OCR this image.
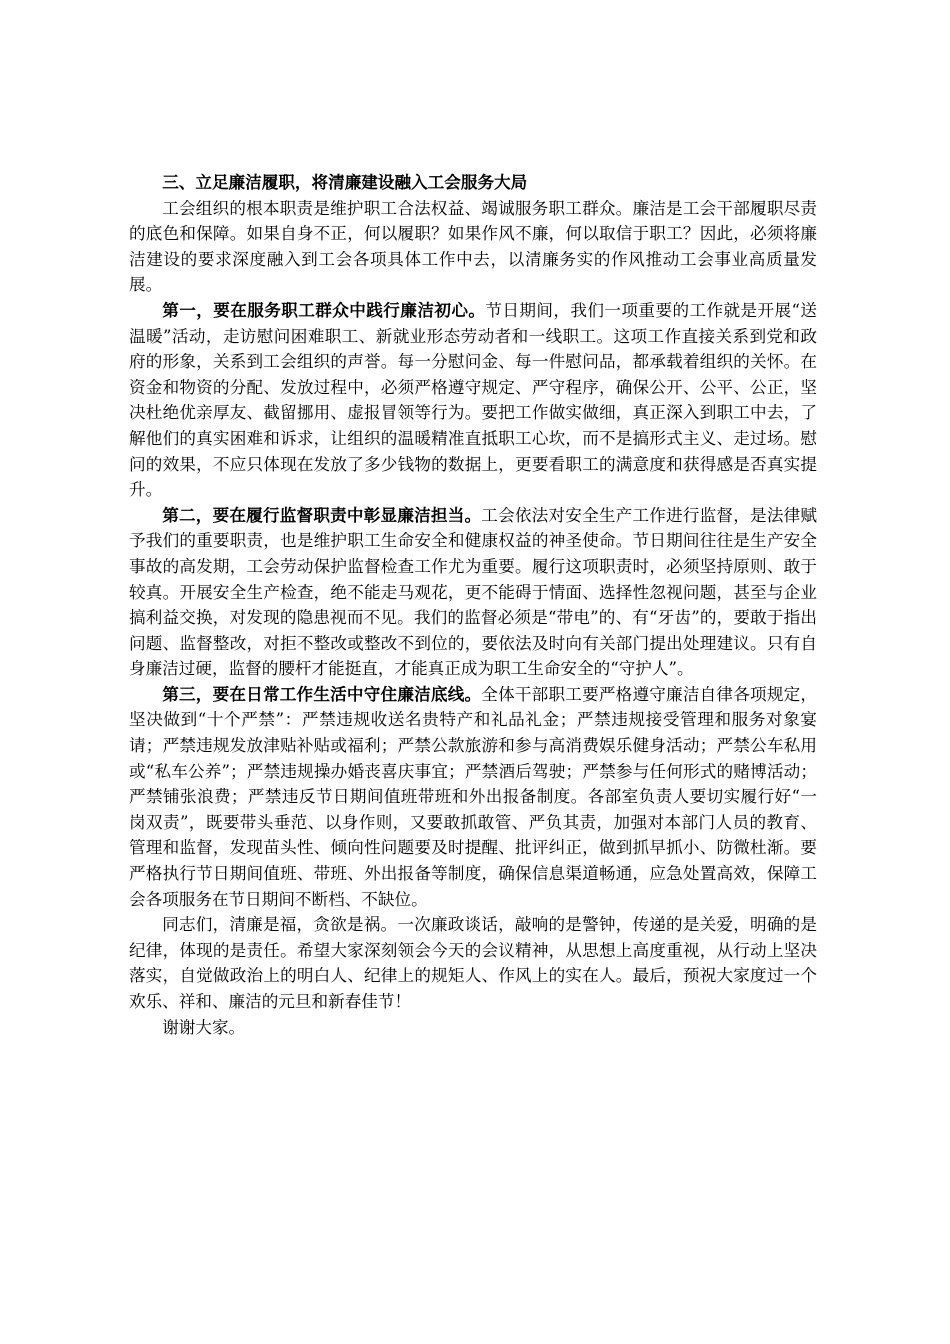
三、立足廉洁履职，将清廉建设融入工会服务大局

工会组织的根本职责是维护职工合法权益、竭诚服务职工群众。廉洁是工会干部履职尽责的底色和保障。如果自身不正，何以履职？如果作风不廉，何以取信于职工？因此，必须将廉洁建设的要求深度融入到工会各项具体工作中去，以清廉务实的作风推动工会事业高质量发展。

第一，要在服务职工群众中践行廉洁初心。节日期间，我们一项重要的工作就是开展“送温暖”活动，走访慰问困难职工、新就业形态劳动者和一线职工。这项工作直接关系到党和政府的形象，关系到工会组织的声誉。每一分慰问金、每一件慰问品，都承载着组织的关怀。在资金和物资的分配、发放过程中，必须严格遵守规定、严守程序，确保公开、公平、公正，坚决杜绝优亲厚友、截留挪用、虚报冒领等行为。要把工作做实做细，真正深入到职工中去，了解他们的真实困难和诉求，让组织的温暖精准直抵职工心坎，而不是搞形式主义、走过场。慰问的效果，不应只体现在发放了多少钱物的数据上，更要看职工的满意度和获得感是否真实提升。

第二，要在履行监督职责中彰显廉洁担当。工会依法对安全生产工作进行监督，是法律赋予我们的重要职责，也是维护职工生命安全和健康权益的神圣使命。节日期间往往是生产安全事故的高发期，工会劳动保护监督检查工作尤为重要。履行这项职责时，必须坚持原则、敢于较真。开展安全生产检查，绝不能走马观花，更不能碍于情面、选择性忽视问题，甚至与企业搞利益交换，对发现的隐患视而不见。我们的监督必须是“带电”的、有“牙齿”的，要敢于指出问题、监督整改，对拒不整改或整改不到位的，要依法及时向有关部门提出处理建议。只有自身廉洁过硬，监督的腰杆才能挺直，才能真正成为职工生命安全的“守护人”。

第三，要在日常工作生活中守住廉洁底线。全体干部职工要严格遵守廉洁自律各项规定，坚决做到“十个严禁”：严禁违规收送名贵特产和礼品礼金；严禁违规接受管理和服务对象宴请；严禁违规发放津贴补贴或福利；严禁公款旅游和参与高消费娱乐健身活动；严禁公车私用或“私车公养”；严禁违规操办婚丧喜庆事宜；严禁酒后驾驶；严禁参与任何形式的赌博活动；严禁铺张浪费；严禁违反节日期间值班带班和外出报备制度。各部室负责人要切实履行好“一岗双责”，既要带头垂范、以身作则，又要敢抓敢管、严负其责，加强对本部门人员的教育、管理和监督，发现苗头性、倾向性问题要及时提醒、批评纠正，做到抓早抓小、防微杜渐。要严格执行节日期间值班、带班、外出报备等制度，确保信息渠道畅通，应急处置高效，保障工会各项服务在节日期间不断档、不缺位。

同志们，清廉是福，贪欲是祸。一次廉政谈话，敲响的是警钟，传递的是关爱，明确的是纪律，体现的是责任。希望大家深刻领会今天的会议精神，从思想上高度重视，从行动上坚决落实，自觉做政治上的明白人、纪律上的规矩人、作风上的实在人。最后，预祝大家度过一个欢乐、祥和、廉洁的元旦和新春佳节！

谢谢大家。
